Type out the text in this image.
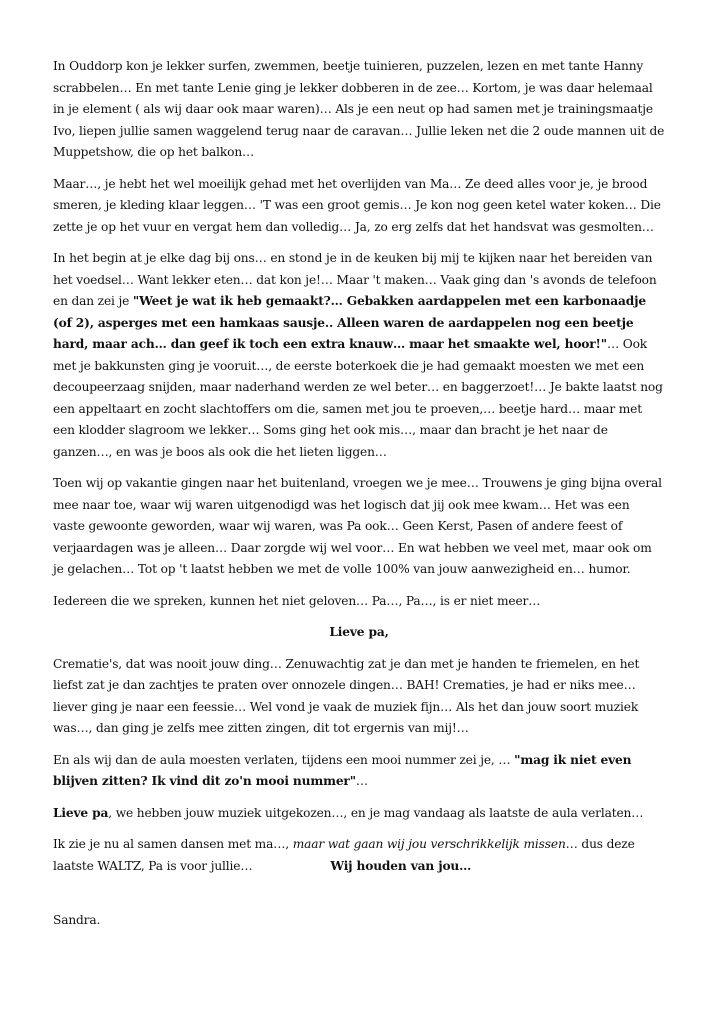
In Ouddorp kon je lekker surfen, zwemmen, beetje tuinieren, puzzelen, lezen en met tante Hanny scrabbelen… En met tante Lenie ging je lekker dobberen in de zee… Kortom, je was daar helemaal in je element ( als wij daar ook maar waren)… Als je een neut op had samen met je trainingsmaatje Ivo, liepen jullie samen waggelend terug naar de caravan… Jullie leken net die 2 oude mannen uit de Muppetshow, die op het balkon…

Maar…, je hebt het wel moeilijk gehad met het overlijden van Ma… Ze deed alles voor je, je brood smeren, je kleding klaar leggen… 'T was een groot gemis… Je kon nog geen ketel water koken… Die zette je op het vuur en vergat hem dan volledig… Ja, zo erg zelfs dat het handsvat was gesmolten…

In het begin at je elke dag bij ons… en stond je in de keuken bij mij te kijken naar het bereiden van het voedsel… Want lekker eten… dat kon je!… Maar 't maken… Vaak ging dan 's avonds de telefoon en dan zei je "Weet je wat ik heb gemaakt?… Gebakken aardappelen met een karbonaadje (of 2), asperges met een hamkaas sausje.. Alleen waren de aardappelen nog een beetje hard, maar ach… dan geef ik toch een extra knauw… maar het smaakte wel, hoor!"… Ook met je bakkunsten ging je vooruit…, de eerste boterkoek die je had gemaakt moesten we met een decoupeerzaag snijden, maar naderhand werden ze wel beter… en baggerzoet!… Je bakte laatst nog een appeltaart en zocht slachtoffers om die, samen met jou te proeven,… beetje hard… maar met een klodder slagroom we lekker… Soms ging het ook mis…, maar dan bracht je het naar de ganzen…, en was je boos als ook die het lieten liggen…

Toen wij op vakantie gingen naar het buitenland, vroegen we je mee… Trouwens je ging bijna overal mee naar toe, waar wij waren uitgenodigd was het logisch dat jij ook mee kwam… Het was een vaste gewoonte geworden, waar wij waren, was Pa ook… Geen Kerst, Pasen of andere feest of verjaardagen was je alleen… Daar zorgde wij wel voor… En wat hebben we veel met, maar ook om je gelachen… Tot op 't laatst hebben we met de volle 100% van jouw aanwezigheid en… humor.

Iedereen die we spreken, kunnen het niet geloven… Pa…, Pa…, is er niet meer…

Lieve pa,

Crematie's, dat was nooit jouw ding… Zenuwachtig zat je dan met je handen te friemelen, en het liefst zat je dan zachtjes te praten over onnozele dingen… BAH! Crematies, je had er niks mee… liever ging je naar een feessie… Wel vond je vaak de muziek fijn… Als het dan jouw soort muziek was…, dan ging je zelfs mee zitten zingen, dit tot ergernis van mij!…

En als wij dan de aula moesten verlaten, tijdens een mooi nummer zei je, … "mag ik niet even blijven zitten? Ik vind dit zo'n mooi nummer"…

Lieve pa, we hebben jouw muziek uitgekozen…, en je mag vandaag als laatste de aula verlaten…

Ik zie je nu al samen dansen met ma…, maar wat gaan wij jou verschrikkelijk missen… dus deze laatste WALTZ, Pa is voor jullie…	Wij houden van jou…

Sandra.
